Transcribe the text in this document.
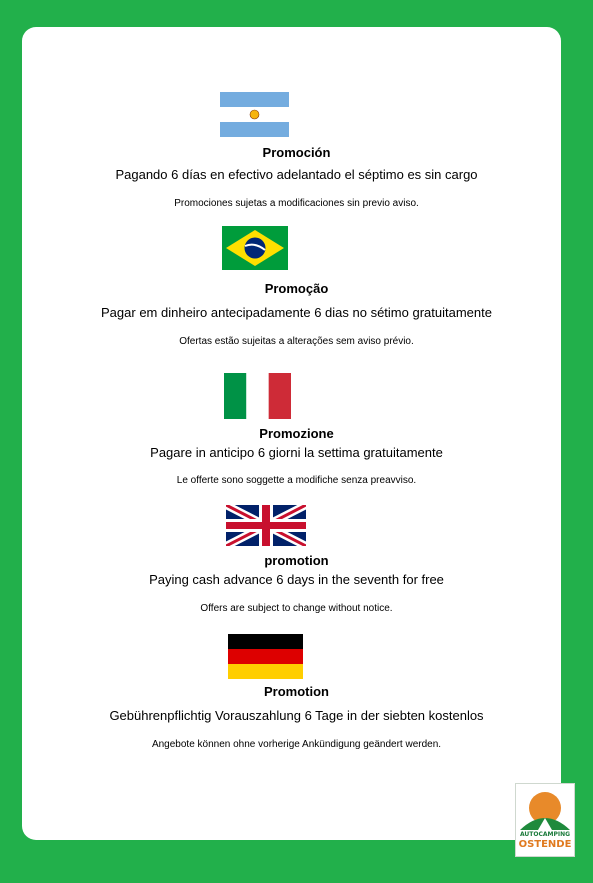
Promoción
Pagando 6 días en efectivo adelantado el séptimo es sin cargo
Promociones sujetas a modificaciones sin previo aviso.
Promoção
Pagar em dinheiro antecipadamente 6 dias no sétimo gratuitamente
Ofertas estão sujeitas a alterações sem aviso prévio.
Promozione
Pagare in anticipo 6 giorni la settima gratuitamente
Le offerte sono soggette a modifiche senza preavviso.
promotion
Paying cash advance 6 days in the seventh for free
Offers are subject to change without notice.
Promotion
Gebührenpflichtig Vorauszahlung 6 Tage in der siebten kostenlos
Angebote können ohne vorherige Ankündigung geändert werden.
AUTOCAMPING
OSTENDE
